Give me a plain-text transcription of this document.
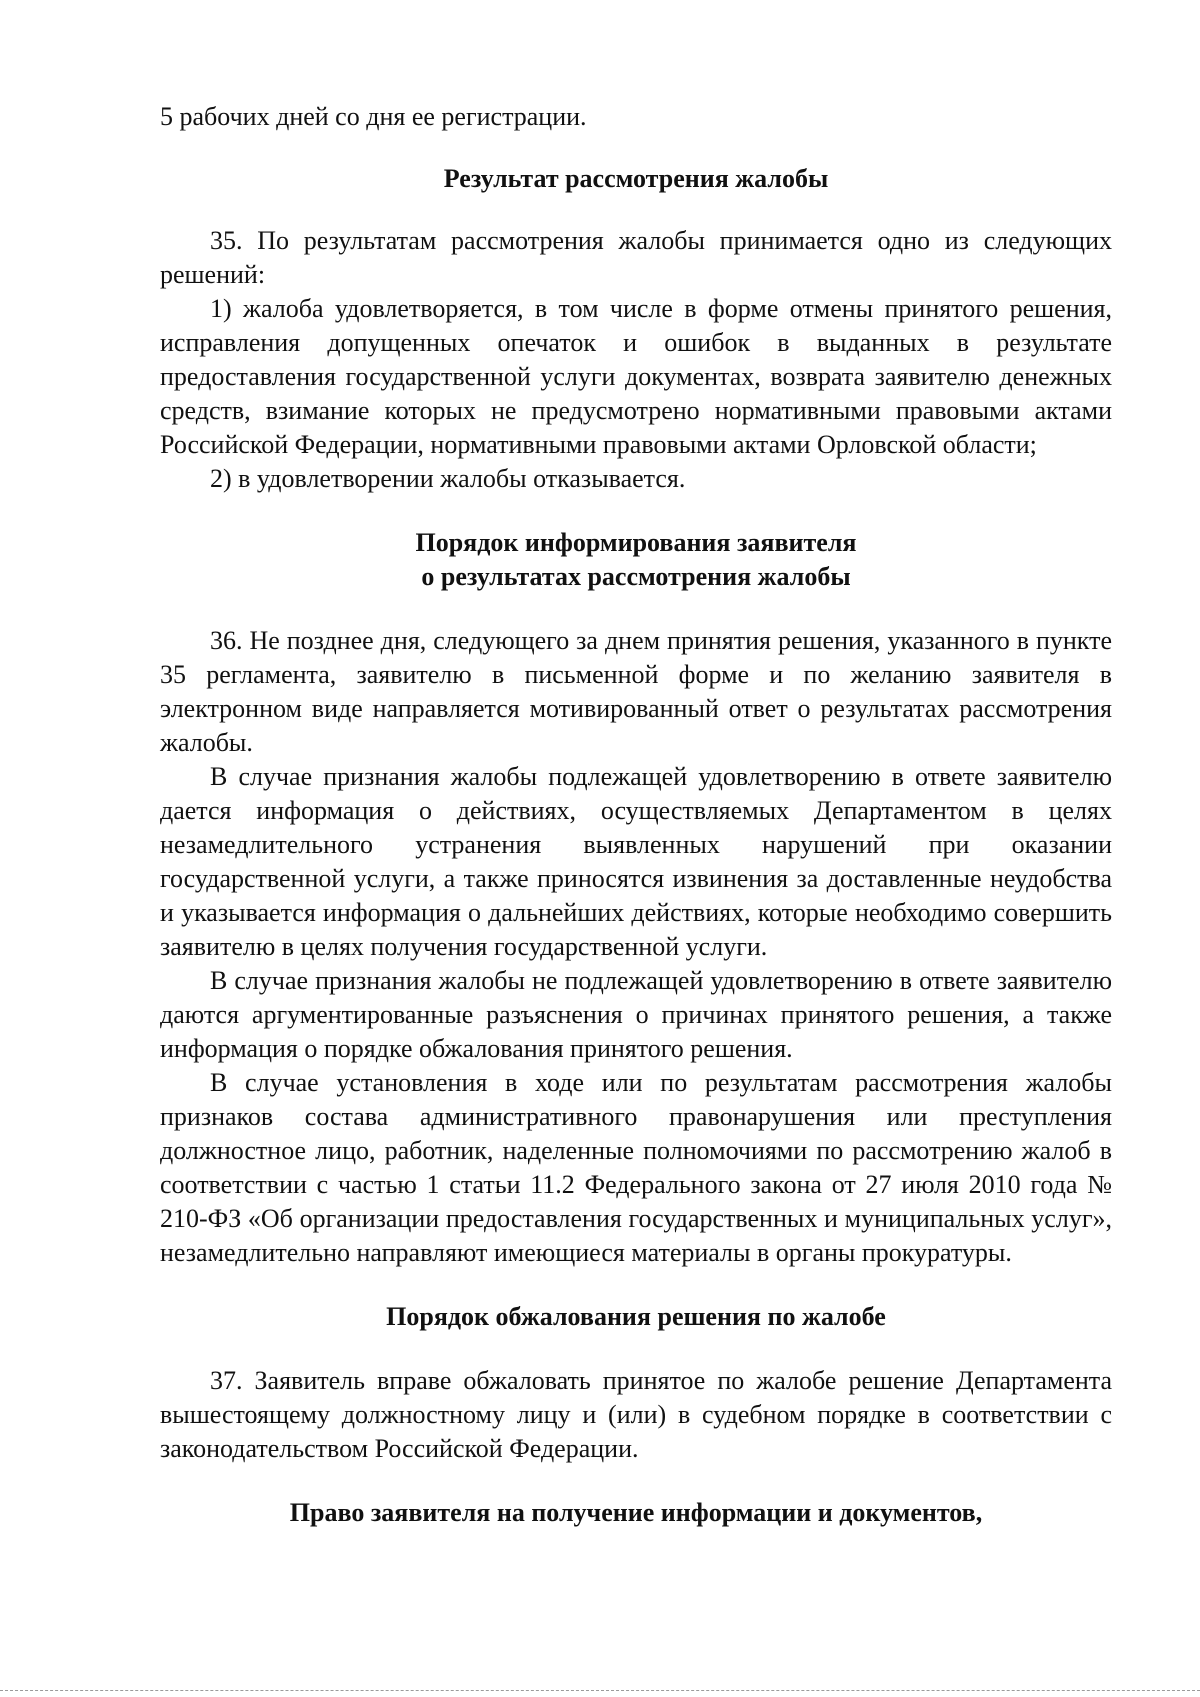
5 рабочих дней со дня ее регистрации.

Результат рассмотрения жалобы

35. По результатам рассмотрения жалобы принимается одно из следующих решений:

1) жалоба удовлетворяется, в том числе в форме отмены принятого решения, исправления допущенных опечаток и ошибок в выданных в результате предоставления государственной услуги документах, возврата заявителю денежных средств, взимание которых не предусмотрено нормативными правовыми актами Российской Федерации, нормативными правовыми актами Орловской области;

2) в удовлетворении жалобы отказывается.

Порядок информирования заявителя
о результатах рассмотрения жалобы

36. Не позднее дня, следующего за днем принятия решения, указанного в пункте 35 регламента, заявителю в письменной форме и по желанию заявителя в электронном виде направляется мотивированный ответ о результатах рассмотрения жалобы.

В случае признания жалобы подлежащей удовлетворению в ответе заявителю дается информация о действиях, осуществляемых Департаментом в целях незамедлительного устранения выявленных нарушений при оказании государственной услуги, а также приносятся извинения за доставленные неудобства и указывается информация о дальнейших действиях, которые необходимо совершить заявителю в целях получения государственной услуги.

В случае признания жалобы не подлежащей удовлетворению в ответе заявителю даются аргументированные разъяснения о причинах принятого решения, а также информация о порядке обжалования принятого решения.

В случае установления в ходе или по результатам рассмотрения жалобы признаков состава административного правонарушения или преступления должностное лицо, работник, наделенные полномочиями по рассмотрению жалоб в соответствии с частью 1 статьи 11.2 Федерального закона от 27 июля 2010 года № 210-ФЗ «Об организации предоставления государственных и муниципальных услуг», незамедлительно направляют имеющиеся материалы в органы прокуратуры.

Порядок обжалования решения по жалобе

37. Заявитель вправе обжаловать принятое по жалобе решение Департамента вышестоящему должностному лицу и (или) в судебном порядке в соответствии с законодательством Российской Федерации.

Право заявителя на получение информации и документов,
